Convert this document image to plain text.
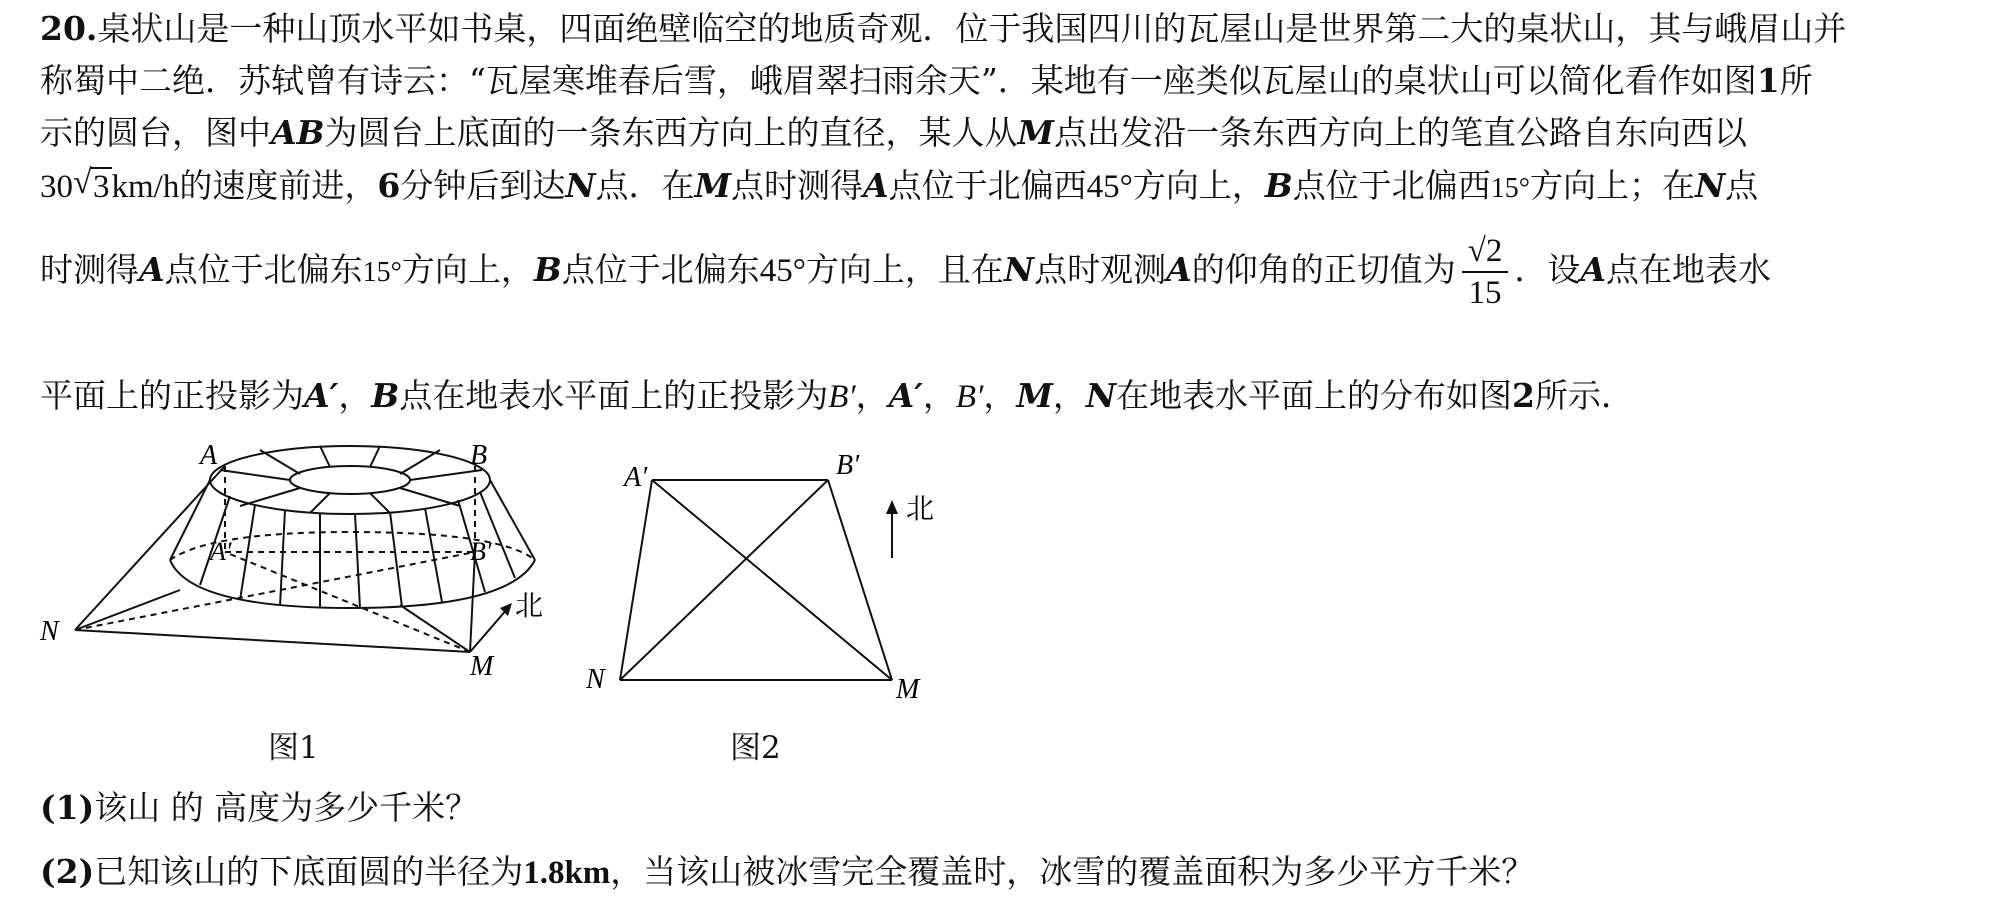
20.桌状山是一种山顶水平如书桌，四面绝壁临空的地质奇观．位于我国四川的瓦屋山是世界第二大的桌状山，其与峨眉山并
称蜀中二绝．苏轼曾有诗云：“瓦屋寒堆春后雪，峨眉翠扫雨余天”．某地有一座类似瓦屋山的桌状山可以简化看作如图1所
示的圆台，图中AB为圆台上底面的一条东西方向上的直径，某人从M点出发沿一条东西方向上的笔直公路自东向西以
30√ 3km/h的速度前进，6分钟后到达N点．在M点时测得A点位于北偏西45°方向上，B点位于北偏西15°方向上；在N点
时测得A点位于北偏东15°方向上，B点位于北偏东45°方向上，且在N点时观测A的仰角的正切值为 $\frac{√2}{15}$ ．设A点在地表水
平面上的正投影为A′，B点在地表水平面上的正投影为B′，A′，B′，M，N在地表水平面上的分布如图2所示．
A	B
A′	B′
N
M
北
A′	B′
N	M
北
图1	图2
(1)该山 的 高度为多少千米？
(2)已知该山的下底面圆的半径为1.8km，当该山被冰雪完全覆盖时，冰雪的覆盖面积为多少平方千米？
